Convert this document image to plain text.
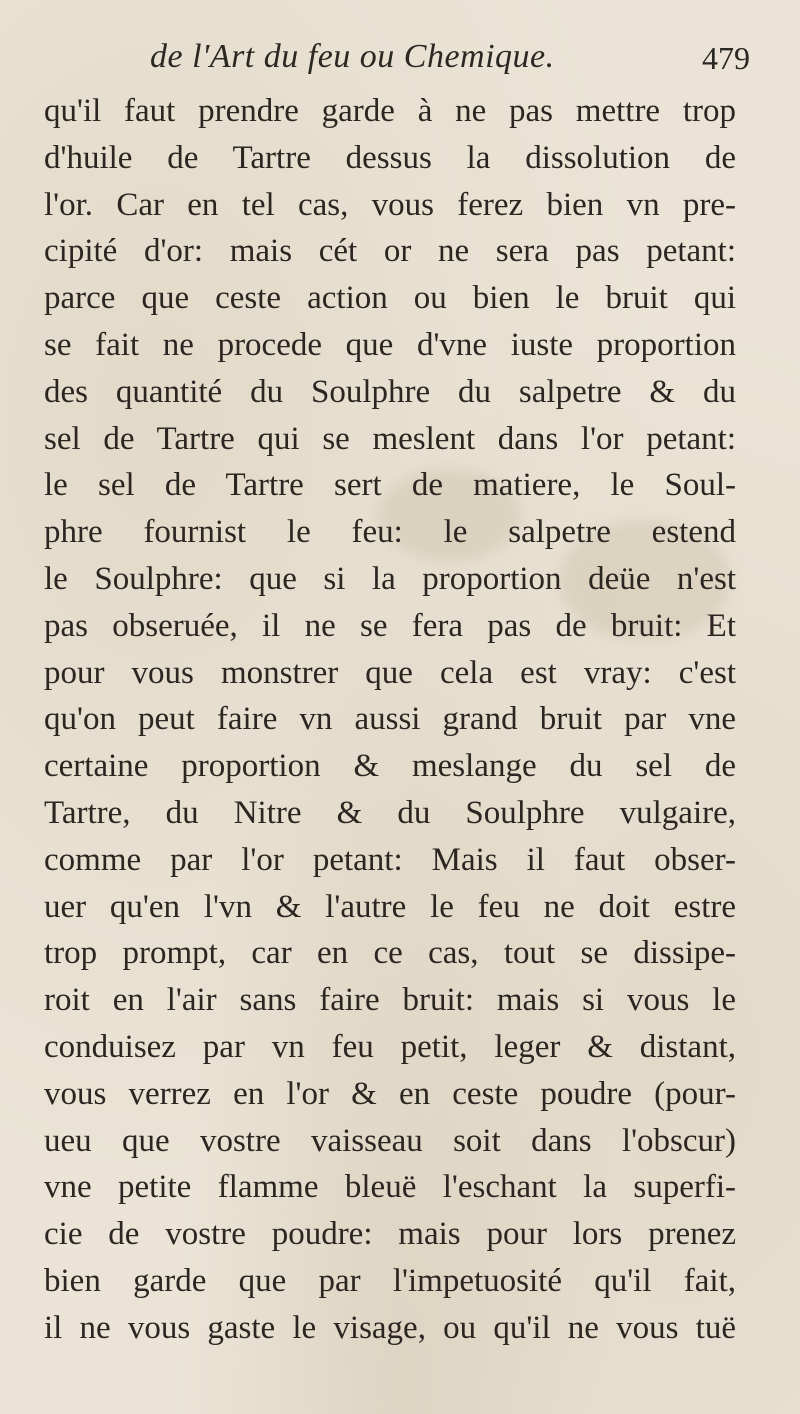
de l'Art du feu ou Chemique.	479
qu'il faut prendre garde à ne pas mettre trop
d'huile de Tartre dessus la dissolution de
l'or. Car en tel cas, vous ferez bien vn pre-
cipité d'or: mais cét or ne sera pas petant:
parce que ceste action ou bien le bruit qui
se fait ne procede que d'vne iuste proportion
des quantité du Soulphre du salpetre & du
sel de Tartre qui se meslent dans l'or petant:
le sel de Tartre sert de matiere, le Soul-
phre fournist le feu: le salpetre estend
le Soulphre: que si la proportion deüe n'est
pas obseruée, il ne se fera pas de bruit: Et
pour vous monstrer que cela est vray: c'est
qu'on peut faire vn aussi grand bruit par vne
certaine proportion & meslange du sel de
Tartre, du Nitre & du Soulphre vulgaire,
comme par l'or petant: Mais il faut obser-
uer qu'en l'vn & l'autre le feu ne doit estre
trop prompt, car en ce cas, tout se dissipe-
roit en l'air sans faire bruit: mais si vous le
conduisez par vn feu petit, leger & distant,
vous verrez en l'or & en ceste poudre (pour-
ueu que vostre vaisseau soit dans l'obscur)
vne petite flamme bleuë l'eschant la superfi-
cie de vostre poudre: mais pour lors prenez
bien garde que par l'impetuosité qu'il fait,
il ne vous gaste le visage, ou qu'il ne vous tuë
